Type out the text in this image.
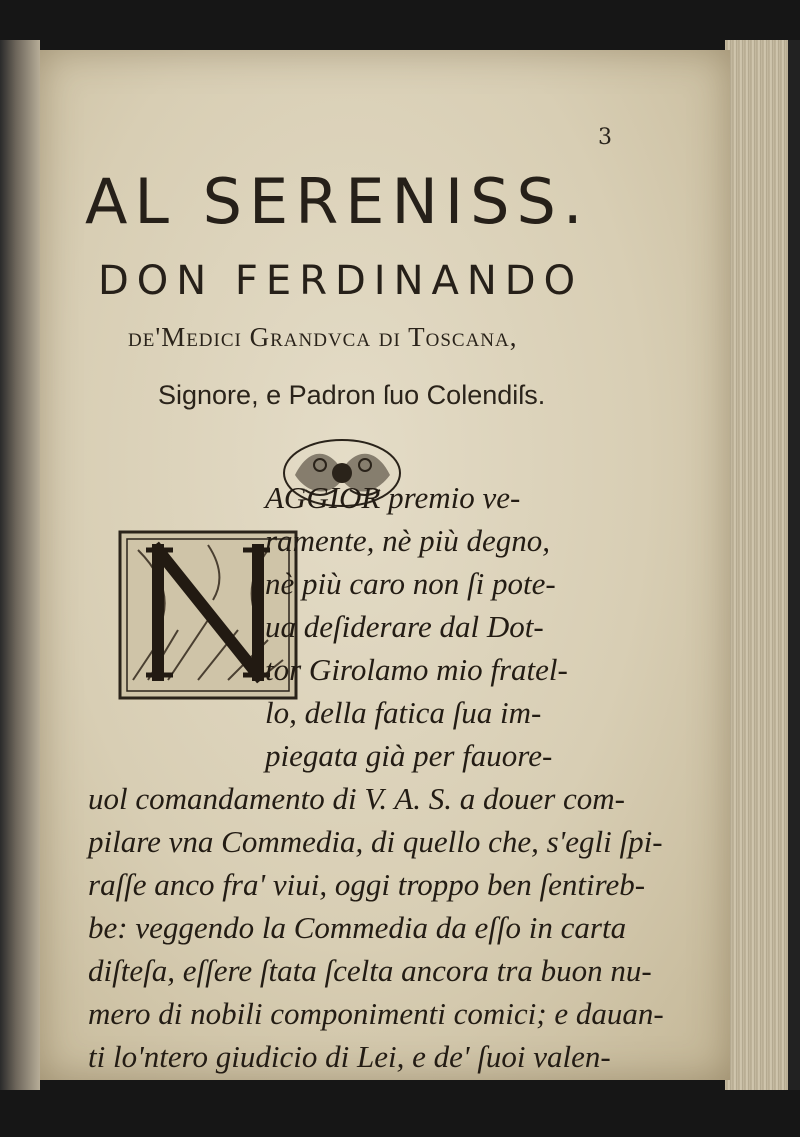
3
AL SERENISS.
DON FERDINANDO
de'Medici Grandvca di Toscana,
Signore, e Padron ſuo Colendiſs.
AGGIOR premio ve-
ramente, nè più degno,
nè più caro non ſi pote-
ua deſiderare dal Dot-
tor Girolamo mio fratel-
lo, della fatica ſua im-
piegata già per fauore-
uol comandamento di V. A. S. a douer com-
pilare vna Commedia, di quello che, s'egli ſpi-
raſſe anco fra' viui, oggi troppo ben ſentireb-
be: veggendo la Commedia da eſſo in carta
diſteſa, eſſere ſtata ſcelta ancora tra buon nu-
mero di nobili componimenti comici; e dauan-
ti lo'ntero giudicio di Lei, e de' ſuoi valen-
